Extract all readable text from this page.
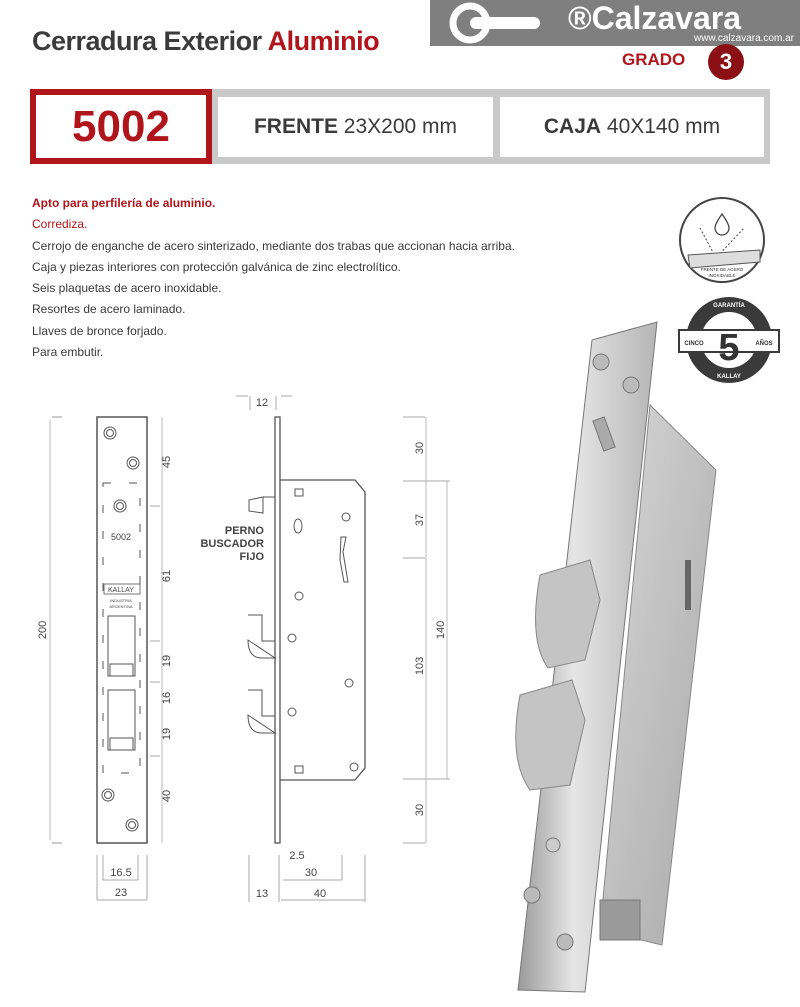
Cerradura Exterior Aluminio
GRADO	3
®Calzavara
www.calzavara.com.ar
5002	FRENTE 23X200 mm	CAJA 40X140 mm
Apto para perfilería de aluminio.
Corrediza.
Cerrojo de enganche de acero sinterizado, mediante dos trabas que accionan hacia arriba.
Caja y piezas interiores con protección galvánica de zinc electrolítico.
Seis plaquetas de acero inoxidable.
Resortes de acero laminado.
Llaves de bronce forjado.
Para embutir.
FRENTE DE ACERO
INOXIDABLE
GARANTÍA
CINCO 5	AÑOS
KALLAY
200
45
61
19
16
19
40
16.5
23
5002
KALLAY
INDUSTRIA
ARGENTINA
12
PERNO
BUSCADOR
FIJO
30
37
103
30
140
2.5
30
13	40
